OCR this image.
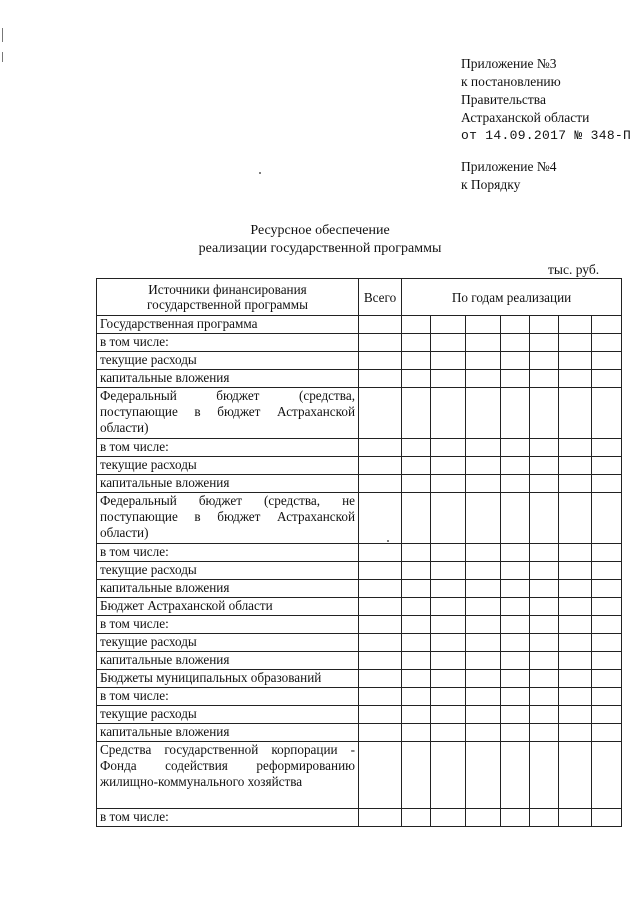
Приложение №3
к постановлению
Правительства
Астраханской области
от 14.09.2017 № 348-П
Приложение №4
к Порядку
Ресурсное обеспечение
реализации государственной программы
тыс. руб.
Источники финансирования государственной программы	Всего	По годам реализации						
Государственная программа								
в том числе:								
текущие расходы								
капитальные вложения								
Федеральный бюджет (средства, поступающие в бюджет Астраханской области)								
в том числе:								
текущие расходы								
капитальные вложения								
Федеральный бюджет (средства, не поступающие в бюджет Астраханской области)								
в том числе:								
текущие расходы								
капитальные вложения								
Бюджет Астраханской области								
в том числе:								
текущие расходы								
капитальные вложения								
Бюджеты муниципальных образований								
в том числе:								
текущие расходы								
капитальные вложения								
Средства государственной корпорации - Фонда содействия реформированию жилищно-коммунального хозяйства								
в том числе:								
